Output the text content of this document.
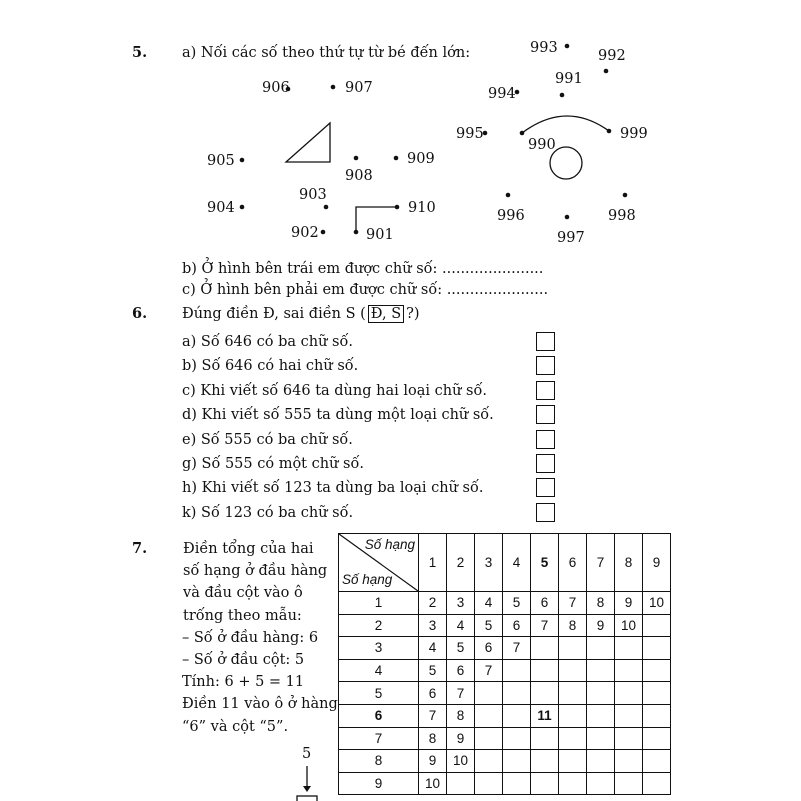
5. a) Nối các số theo thứ tự từ bé đến lớn:
906	907
905
908
909
903
904	910
902	901
993	992
991
994
995
990
999
996	998
997
b) Ở hình bên trái em được chữ số: ......................
c) Ở hình bên phải em được chữ số: ......................
6. Đúng điền Đ, sai điền S ( Đ, S ?)
a) Số 646 có ba chữ số.
b) Số 646 có hai chữ số.
c) Khi viết số 646 ta dùng hai loại chữ số.
d) Khi viết số 555 ta dùng một loại chữ số.
e) Số 555 có ba chữ số.
g) Số 555 có một chữ số.
h) Khi viết số 123 ta dùng ba loại chữ số.
k) Số 123 có ba chữ số.
7. Điền tổng của hai
số hạng ở đầu hàng
và đầu cột vào ô
trống theo mẫu:
– Số ở đầu hàng: 6
– Số ở đầu cột: 5
Tính: 6 + 5 = 11
Điền 11 vào ô ở hàng
“6” và cột “5”.
5
Số hạng
Số hạng	1	2	3	4	5	6	7	8	9
1	2	3	4	5	6	7	8	9	10
2	3	4	5	6	7	8	9	10	
3	4	5	6	7					
4	5	6	7						
5	6	7							
6	7	8			11				
7	8	9							
8	9	10							
9	10								
